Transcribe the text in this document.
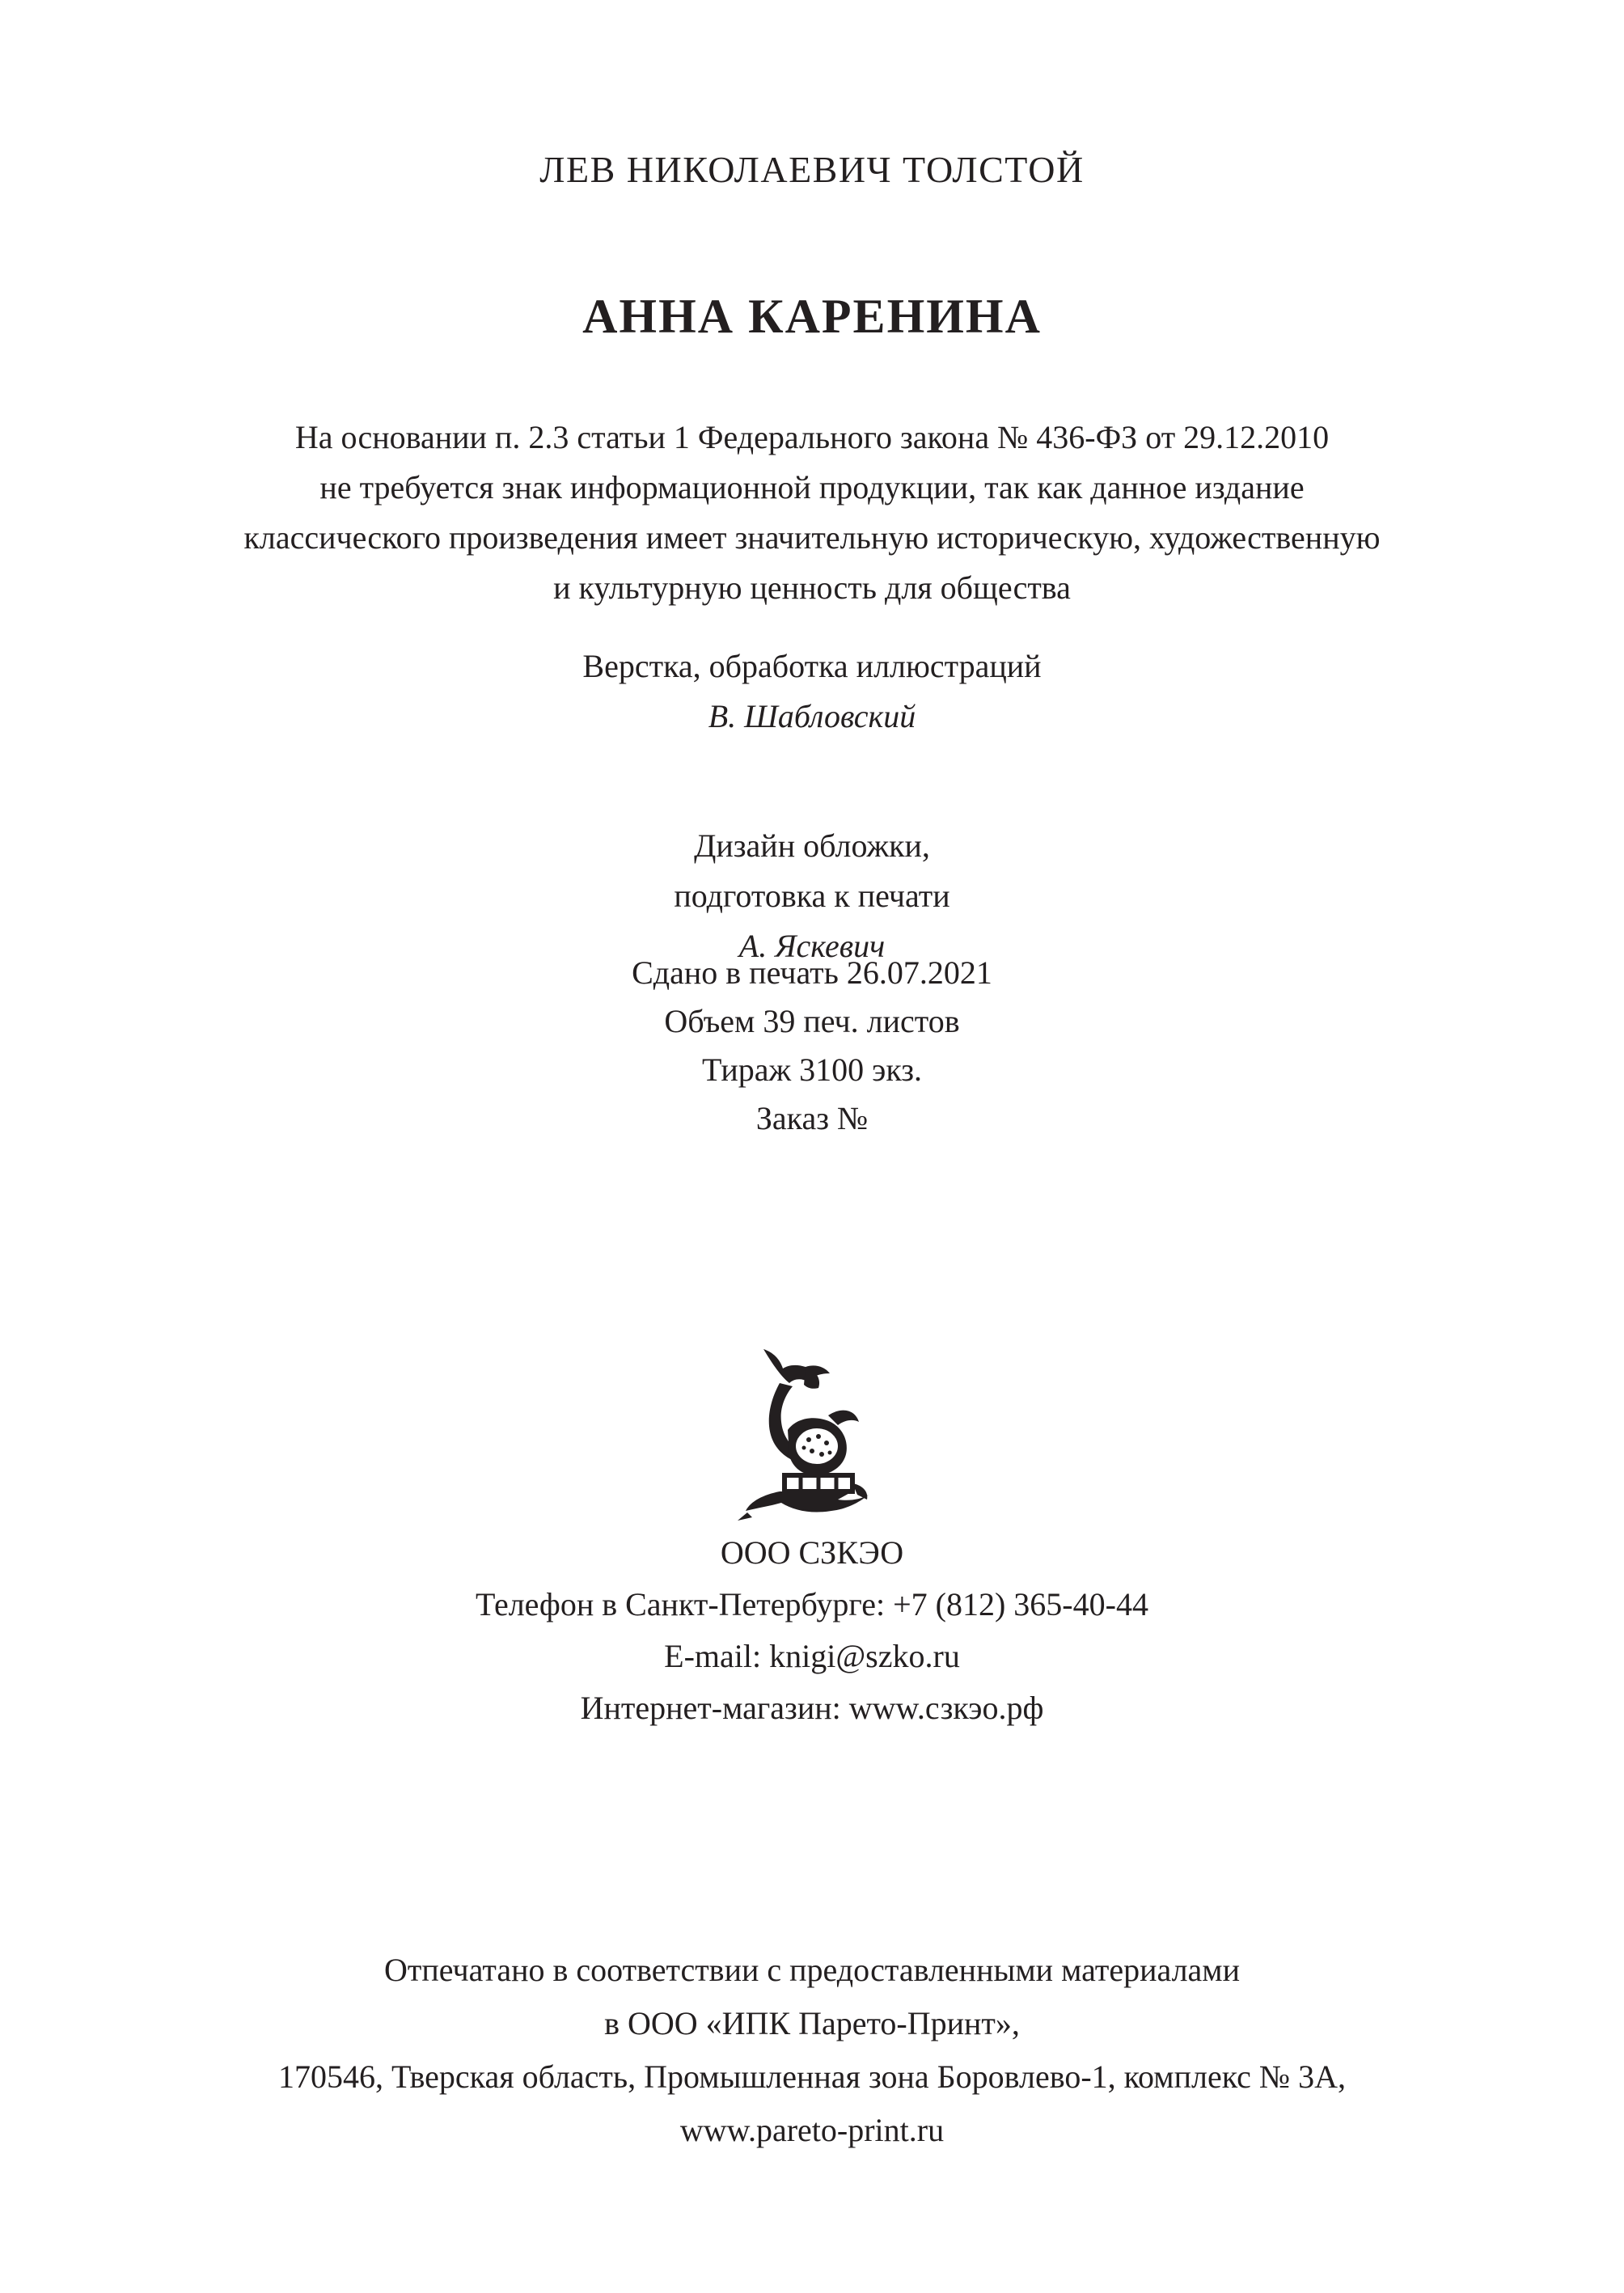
ЛЕВ НИКОЛАЕВИЧ ТОЛСТОЙ
АННА КАРЕНИНА
На основании п. 2.3 статьи 1 Федерального закона № 436-ФЗ от 29.12.2010
не требуется знак информационной продукции, так как данное издание
классического произведения имеет значительную историческую, художественную
и культурную ценность для общества
Верстка, обработка иллюстраций
В. Шабловский
Дизайн обложки,
подготовка к печати
А. Яскевич
Сдано в печать 26.07.2021
Объем 39 печ. листов
Тираж 3100 экз.
Заказ №
ООО СЗКЭО
Телефон в Санкт-Петербурге: +7 (812) 365-40-44
E-mail: knigi@szko.ru
Интернет-магазин: www.сзкэо.рф
Отпечатано в соответствии с предоставленными материалами
в ООО «ИПК Парето-Принт»,
170546, Тверская область, Промышленная зона Боровлево-1, комплекс № 3А,
www.pareto-print.ru
